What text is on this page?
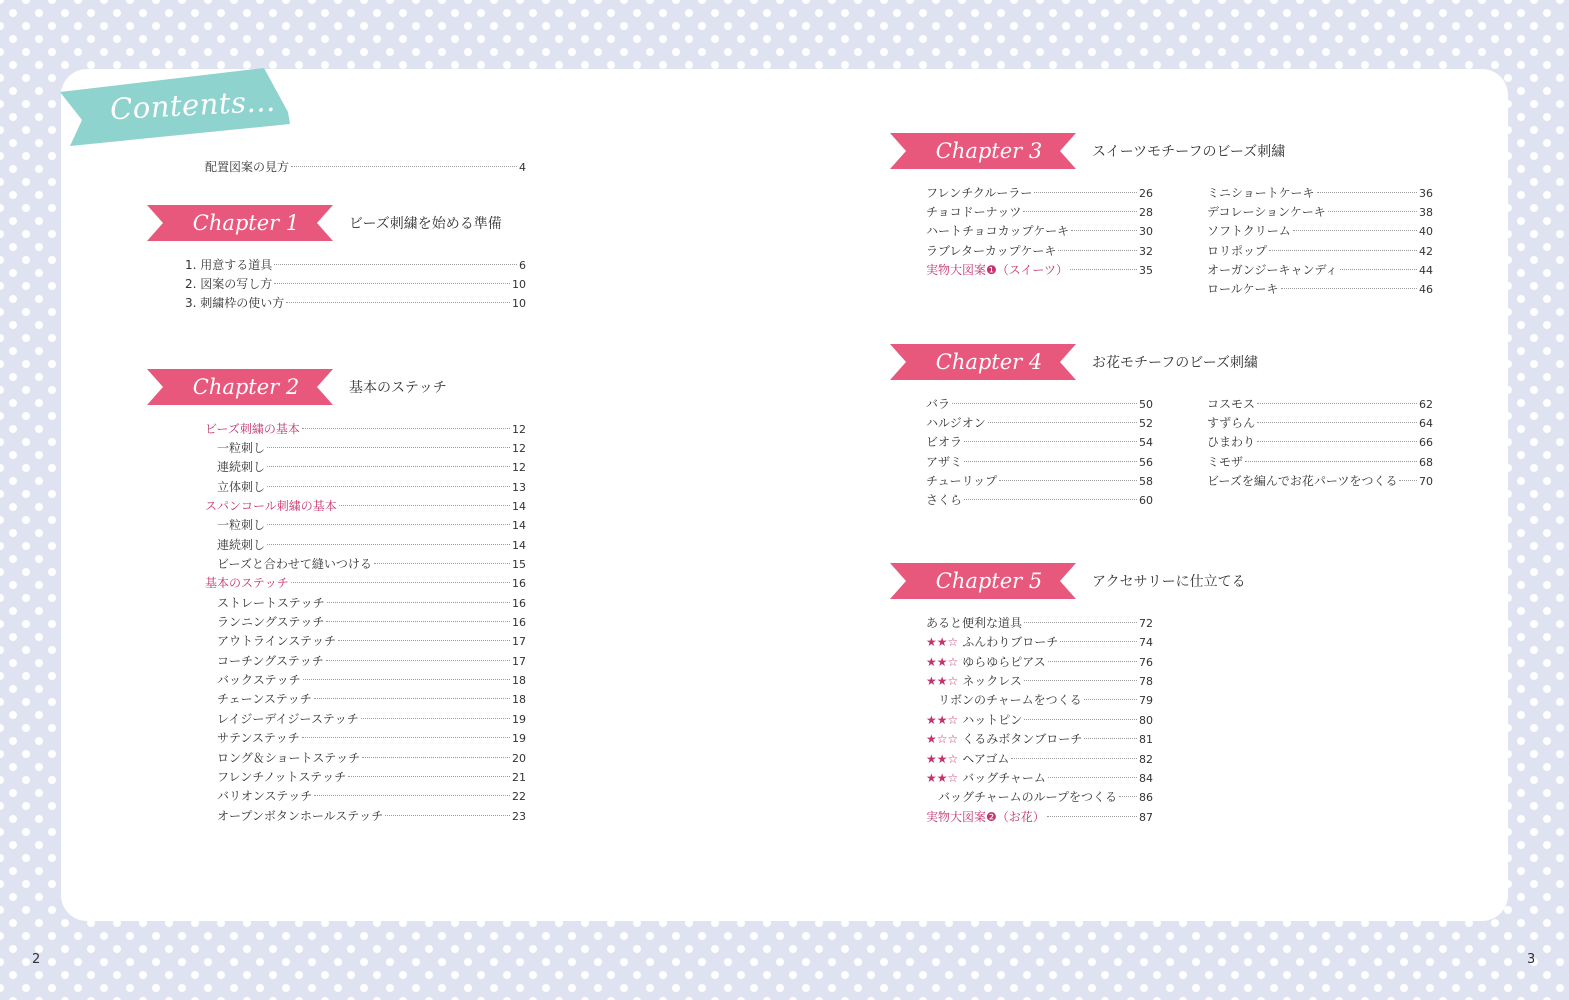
2	3
Contents...
配置図案の見方	4
Chapter 1	ビーズ刺繍を始める準備
1. 用意する道具	6
2. 図案の写し方	10
3. 刺繍枠の使い方	10
Chapter 2	基本のステッチ
ビーズ刺繍の基本	12
一粒刺し	12
連続刺し	12
立体刺し	13
スパンコール刺繍の基本	14
一粒刺し	14
連続刺し	14
ビーズと合わせて縫いつける	15
基本のステッチ	16
ストレートステッチ	16
ランニングステッチ	16
アウトラインステッチ	17
コーチングステッチ	17
バックステッチ	18
チェーンステッチ	18
レイジーデイジーステッチ	19
サテンステッチ	19
ロング＆ショートステッチ	20
フレンチノットステッチ	21
バリオンステッチ	22
オープンボタンホールステッチ	23
Chapter 3	スイーツモチーフのビーズ刺繍
フレンチクルーラー	26
チョコドーナッツ	28
ハートチョコカップケーキ	30
ラブレターカップケーキ	32
実物大図案❶（スイーツ）	35
ミニショートケーキ	36
デコレーションケーキ	38
ソフトクリーム	40
ロリポップ	42
オーガンジーキャンディ	44
ロールケーキ	46
Chapter 4	お花モチーフのビーズ刺繍
バラ	50
ハルジオン	52
ビオラ	54
アザミ	56
チューリップ	58
さくら	60
コスモス	62
すずらん	64
ひまわり	66
ミモザ	68
ビーズを編んでお花パーツをつくる 70
Chapter 5	アクセサリーに仕立てる
あると便利な道具	72
★★☆ ふんわりブローチ	74
★★☆ ゆらゆらピアス	76
★★☆ ネックレス	78
リボンのチャームをつくる	79
★★☆ ハットピン	80
★☆☆ くるみボタンブローチ	81
★★☆ ヘアゴム	82
★★☆ バッグチャーム	84
バッグチャームのループをつくる 86
実物大図案❷（お花）	87
